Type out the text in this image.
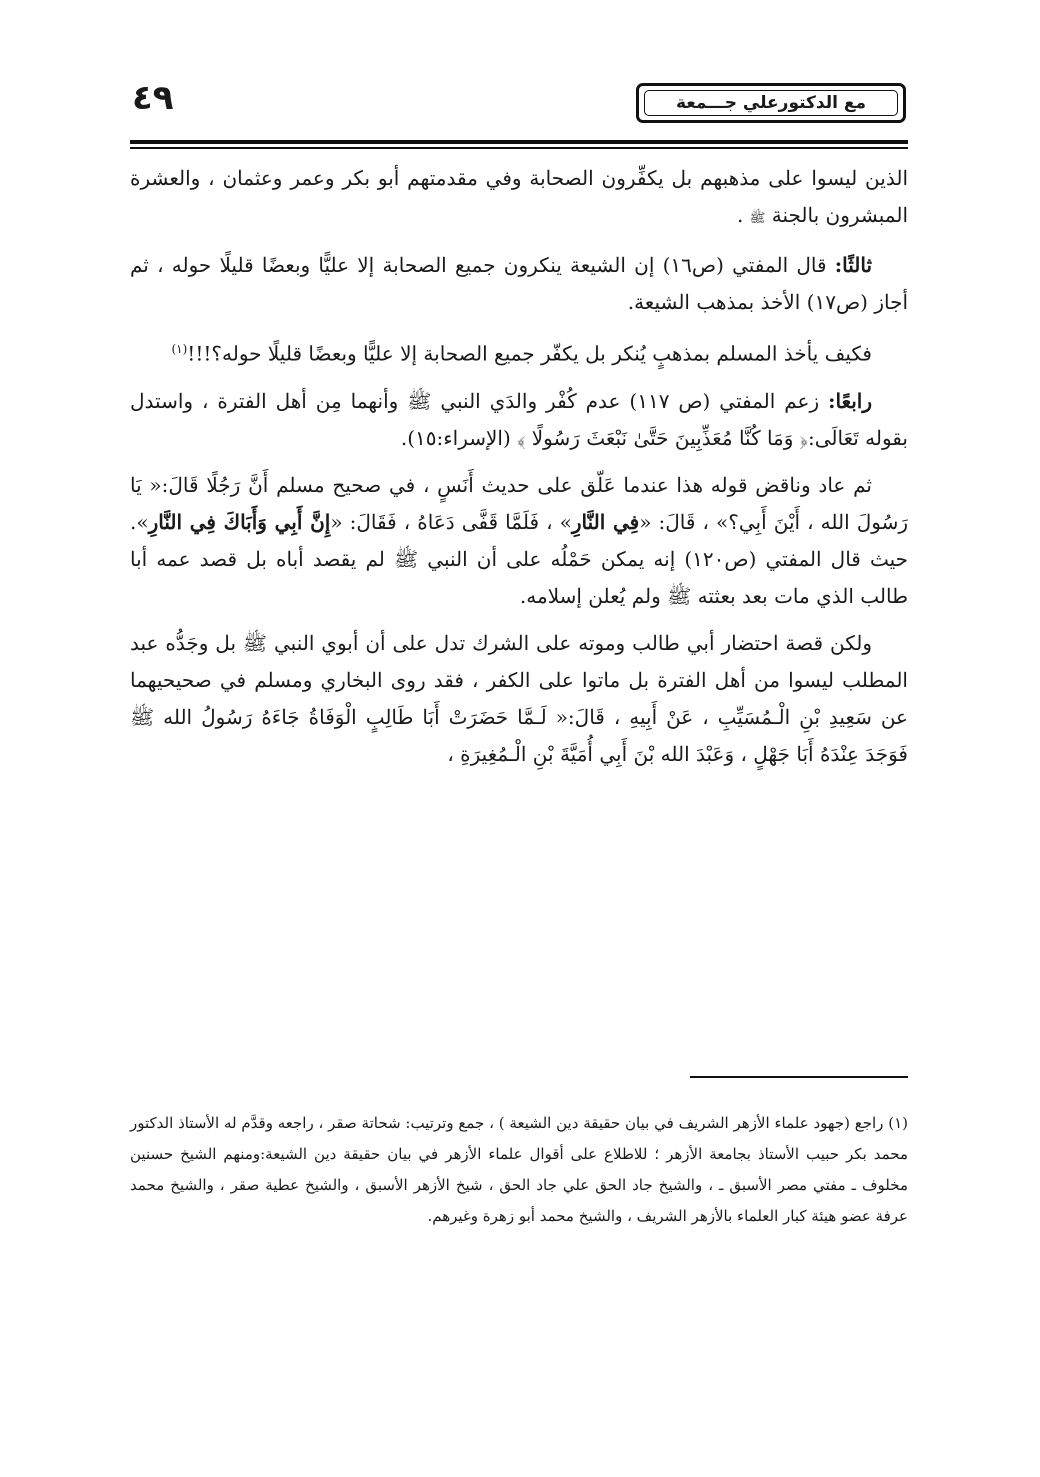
٤٩	مع الدكتورعلي جـــمعة

الذين ليسوا على مذهبهم بل يكفِّرون الصحابة وفي مقدمتهم أبو بكر وعمر وعثمان ، والعشرة المبشرون بالجنة ﷺ .

ثالثًا: قال المفتي (ص١٦) إن الشيعة ينكرون جميع الصحابة إلا عليًّا وبعضًا قليلًا حوله ، ثم أجاز (ص١٧) الأخذ بمذهب الشيعة.

فكيف يأخذ المسلم بمذهبٍ يُنكر بل يكفّر جميع الصحابة إلا عليًّا وبعضًا قليلًا حوله؟!!!$^{(١)}$

رابعًا: زعم المفتي (ص ١١٧) عدم كُفْر والدَي النبي ﷺ وأنهما مِن أهل الفترة ، واستدل بقوله تَعَالَى:﴿ وَمَا كُنَّا مُعَذِّبِينَ حَتَّىٰ نَبْعَثَ رَسُولًا ﴾ (الإسراء:١٥).

ثم عاد وناقض قوله هذا عندما عَلّق على حديث أَنَسٍ ، في صحيح مسلم أَنَّ رَجُلًا قَالَ:« يَا رَسُولَ الله ، أَيْنَ أَبِي؟» ، قَالَ: «فِي النَّارِ» ، فَلَمَّا قَفَّى دَعَاهُ ، فَقَالَ: «إِنَّ أَبِي وَأَبَاكَ فِي النَّارِ». حيث قال المفتي (ص١٢٠) إنه يمكن حَمْلُه على أن النبي ﷺ لم يقصد أباه بل قصد عمه أبا طالب الذي مات بعد بعثته ﷺ ولم يُعلن إسلامه.

ولكن قصة احتضار أبي طالب وموته على الشرك تدل على أن أبوي النبي ﷺ بل وجَدُّه عبد المطلب ليسوا من أهل الفترة بل ماتوا على الكفر ، فقد روى البخاري ومسلم في صحيحيهما عن سَعِيدِ بْنِ الْـمُسَيِّبِ ، عَنْ أَبِيهِ ، قَالَ:« لَـمَّا حَضَرَتْ أَبَا طَالِبٍ الْوَفَاةُ جَاءَهُ رَسُولُ الله ﷺ فَوَجَدَ عِنْدَهُ أَبَا جَهْلٍ ، وَعَبْدَ الله بْنَ أَبِي أُمَيَّةَ بْنِ الْـمُغِيرَةِ ،

(١) راجع (جهود علماء الأزهر الشريف في بيان حقيقة دين الشيعة ) ، جمع وترتيب: شحاتة صقر ، راجعه وقدَّم له الأستاذ الدكتور محمد بكر حبيب الأستاذ بجامعة الأزهر ؛ للاطلاع على أقوال علماء الأزهر في بيان حقيقة دين الشيعة:ومنهم الشيخ حسنين مخلوف ـ مفتي مصر الأسبق ـ ، والشيخ جاد الحق علي جاد الحق ، شيخ الأزهر الأسبق ، والشيخ عطية صقر ، والشيخ محمد عرفة عضو هيئة كبار العلماء بالأزهر الشريف ، والشيخ محمد أبو زهرة وغيرهم.
